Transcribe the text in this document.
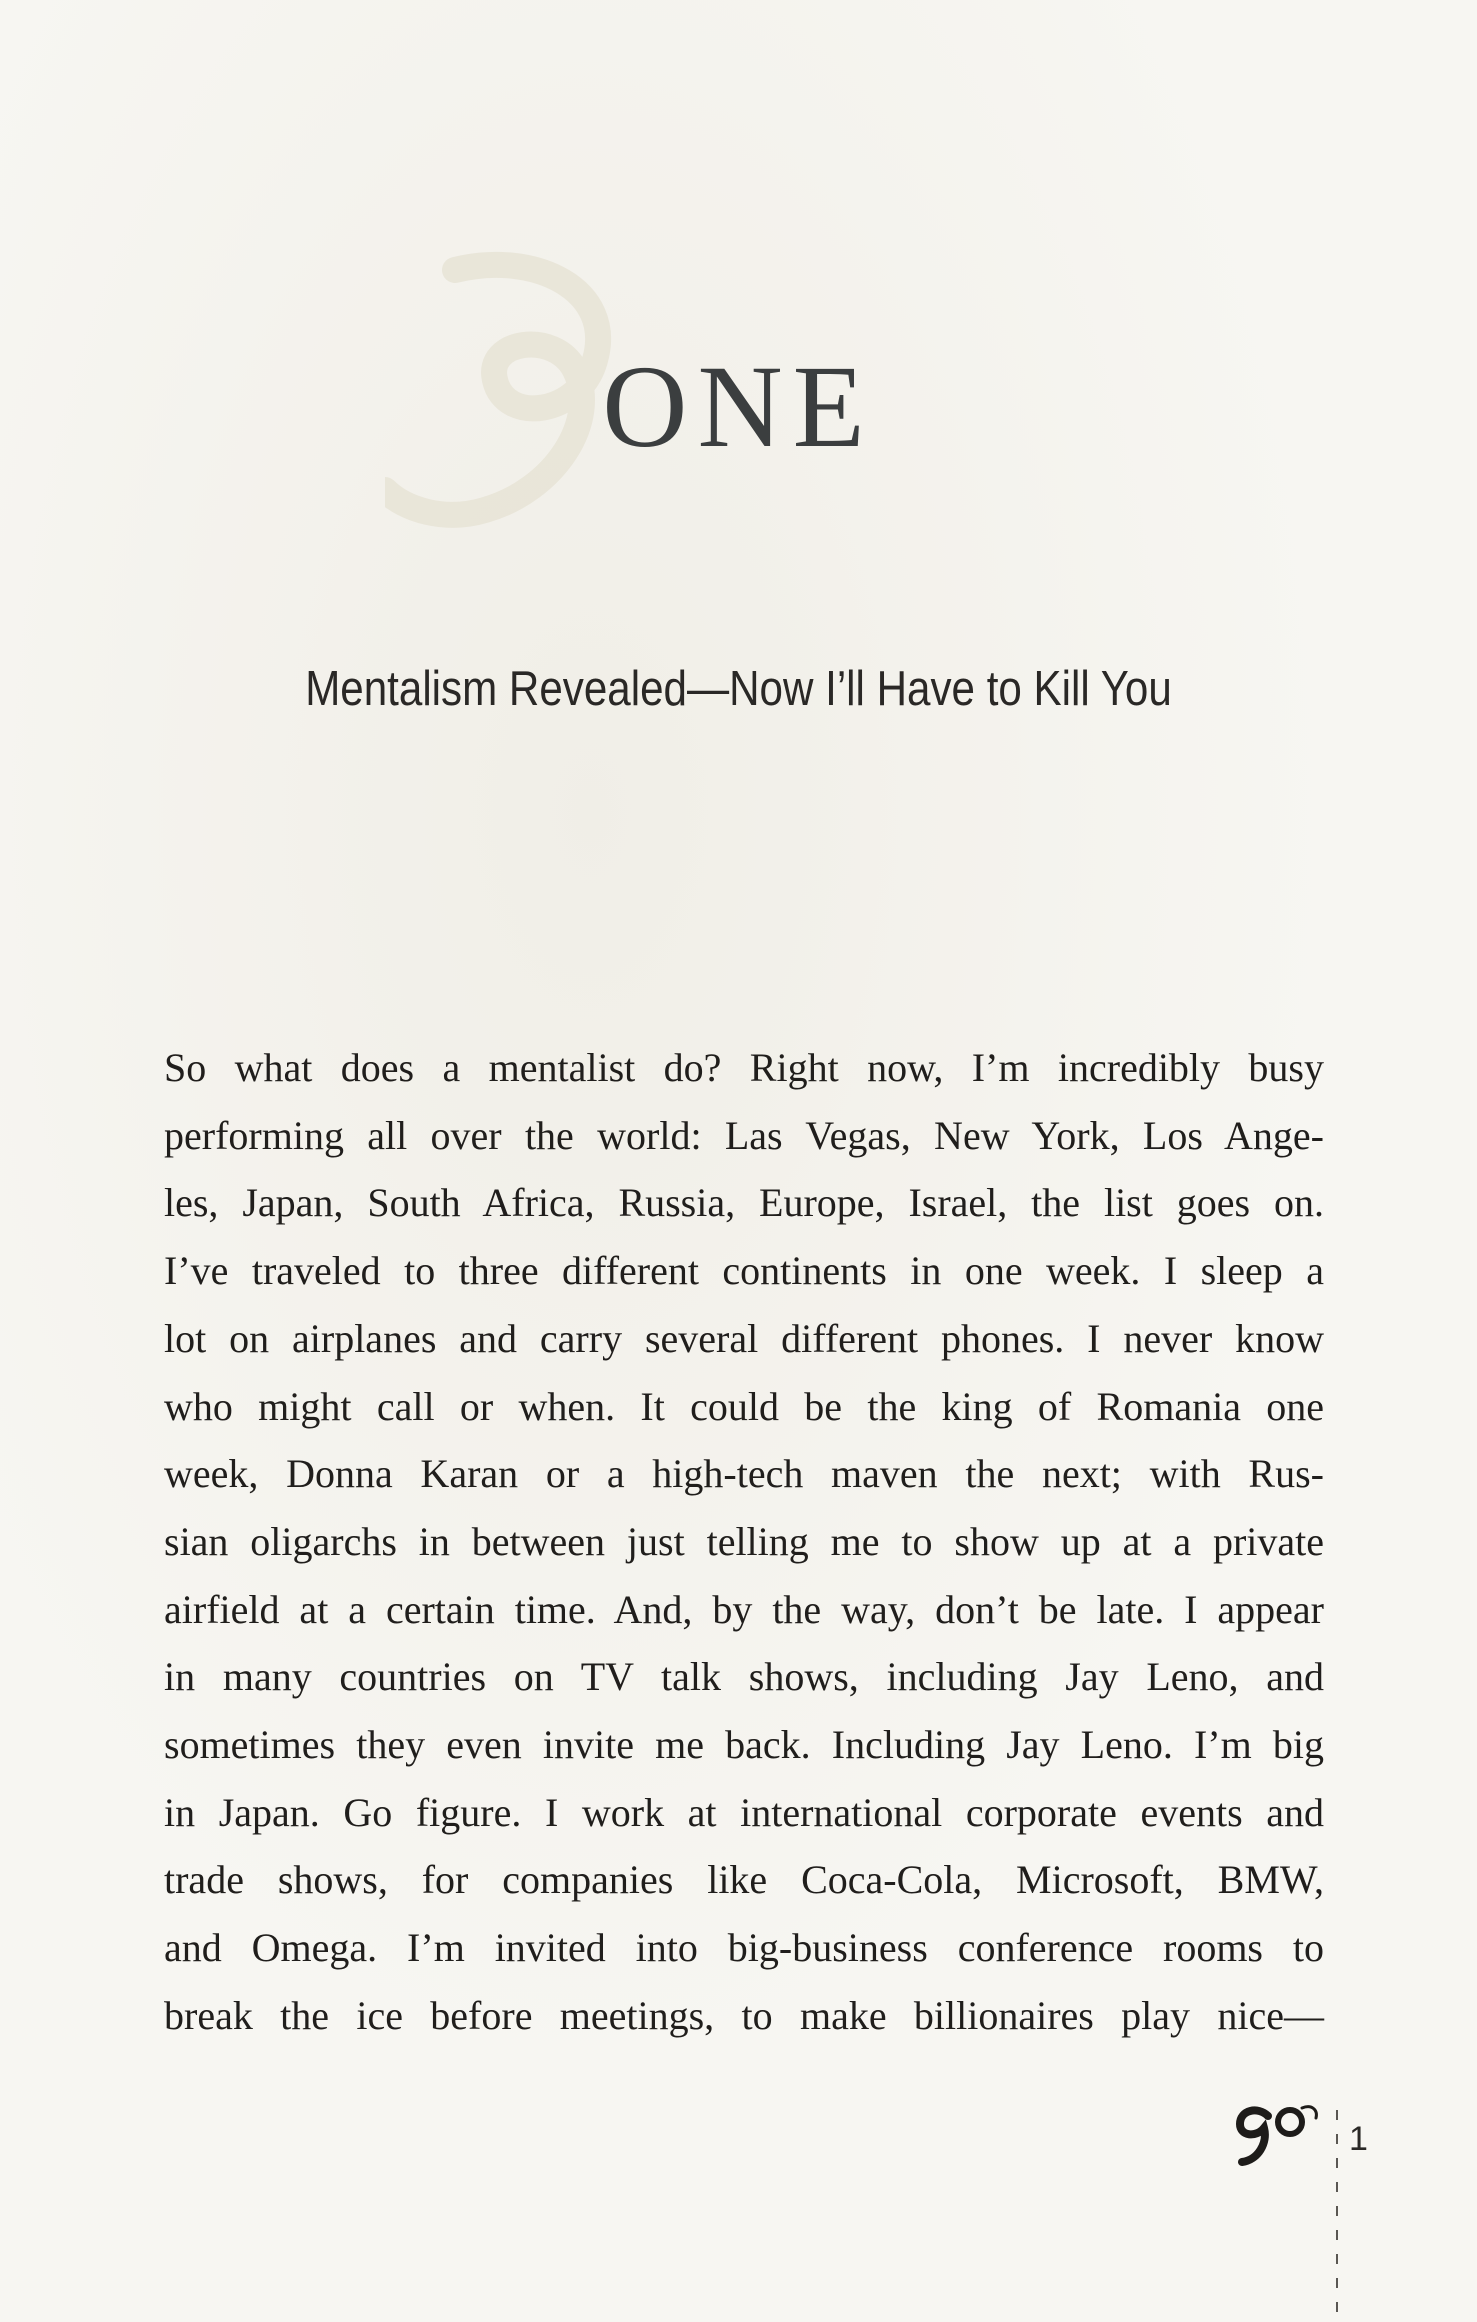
ONE
Mentalism Revealed—Now I’ll Have to Kill You
So what does a mentalist do? Right now, I’m incredibly busy
performing all over the world: Las Vegas, New York, Los Ange-
les, Japan, South Africa, Russia, Europe, Israel, the list goes on.
I’ve traveled to three different continents in one week. I sleep a
lot on airplanes and carry several different phones. I never know
who might call or when. It could be the king of Romania one
week, Donna Karan or a high-tech maven the next; with Rus-
sian oligarchs in between just telling me to show up at a private
airfield at a certain time. And, by the way, don’t be late. I appear
in many countries on TV talk shows, including Jay Leno, and
sometimes they even invite me back. Including Jay Leno. I’m big
in Japan. Go figure. I work at international corporate events and
trade shows, for companies like Coca-Cola, Microsoft, BMW,
and Omega. I’m invited into big-business conference rooms to
break the ice before meetings, to make billionaires play nice—
1
